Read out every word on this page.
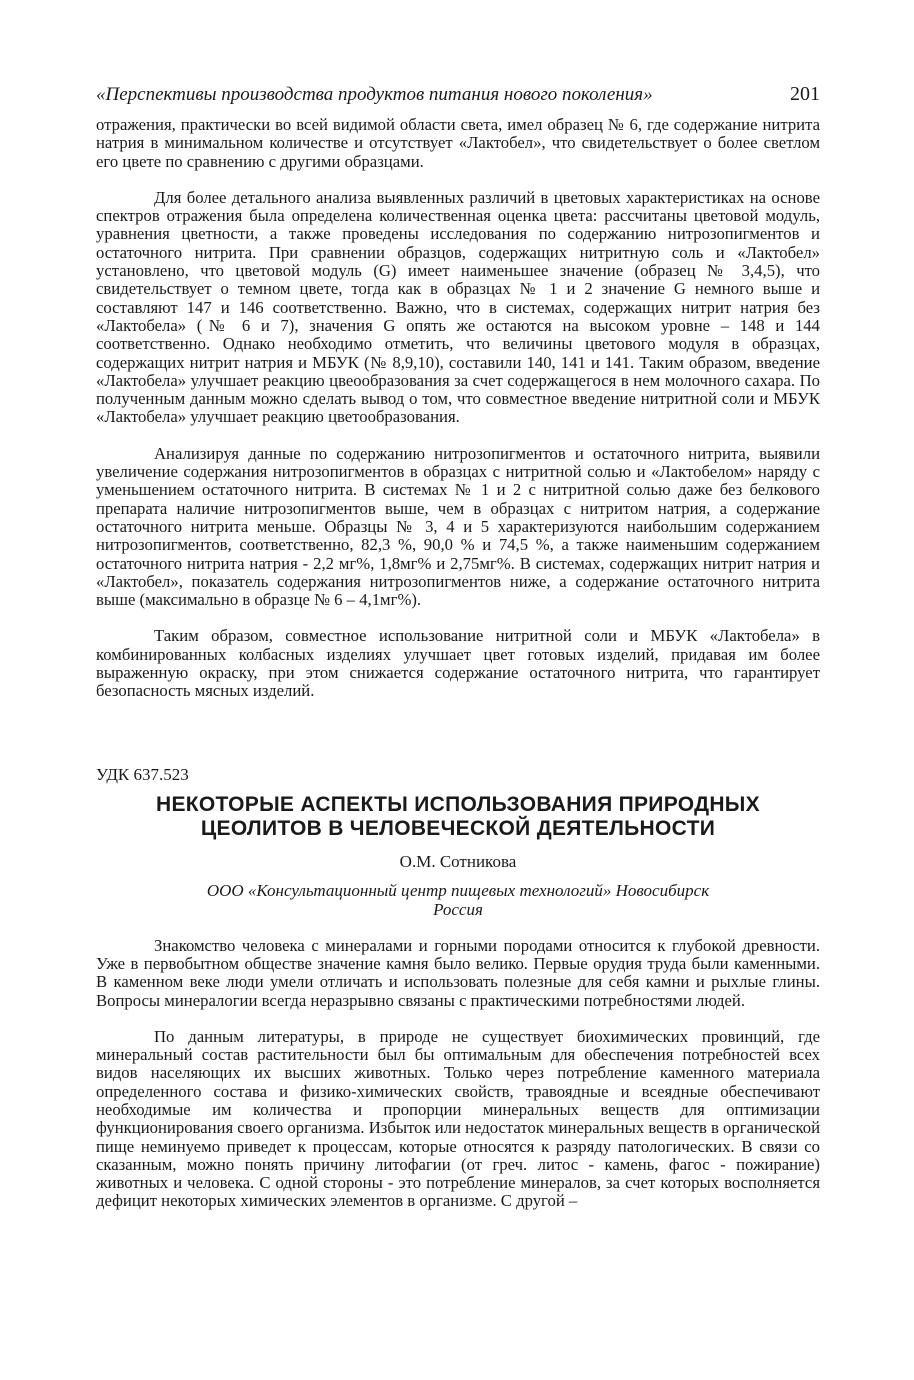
«Перспективы производства продуктов питания нового поколения»	201

отражения, практически во всей видимой области света, имел образец № 6, где содержание нитрита натрия в минимальном количестве и отсутствует «Лактобел», что свидетельствует о более светлом его цвете по сравнению с другими образцами.

Для более детального анализа выявленных различий в цветовых характеристиках на основе спектров отражения была определена количественная оценка цвета: рассчитаны цветовой модуль, уравнения цветности, а также проведены исследования по содержанию нитрозопигментов и остаточного нитрита. При сравнении образцов, содержащих нитритную соль и «Лактобел» установлено, что цветовой модуль (G) имеет наименьшее значение (образец № 3,4,5), что свидетельствует о темном цвете, тогда как в образцах № 1 и 2 значение G немного выше и составляют 147 и 146 соответственно. Важно, что в системах, содержащих нитрит натрия без «Лактобела» (№ 6 и 7), значения G опять же остаются на высоком уровне – 148 и 144 соответственно. Однако необходимо отметить, что величины цветового модуля в образцах, содержащих нитрит натрия и МБУК (№ 8,9,10), составили 140, 141 и 141. Таким образом, введение «Лактобела» улучшает реакцию цвеообразования за счет содержащегося в нем молочного сахара. По полученным данным можно сделать вывод о том, что совместное введение нитритной соли и МБУК «Лактобела» улучшает реакцию цветообразования.

Анализируя данные по содержанию нитрозопигментов и остаточного нитрита, выявили увеличение содержания нитрозопигментов в образцах с нитритной солью и «Лактобелом» наряду с уменьшением остаточного нитрита. В системах № 1 и 2 с нитритной солью даже без белкового препарата наличие нитрозопигментов выше, чем в образцах с нитритом натрия, а содержание остаточного нитрита меньше. Образцы № 3, 4 и 5 характеризуются наибольшим содержанием нитрозопигментов, соответственно, 82,3 %, 90,0 % и 74,5 %, а также наименьшим содержанием остаточного нитрита натрия - 2,2 мг%, 1,8мг% и 2,75мг%. В системах, содержащих нитрит натрия и «Лактобел», показатель содержания нитрозопигментов ниже, а содержание остаточного нитрита выше (максимально в образце № 6 – 4,1мг%).

Таким образом, совместное использование нитритной соли и МБУК «Лактобела» в комбинированных колбасных изделиях улучшает цвет готовых изделий, придавая им более выраженную окраску, при этом снижается содержание остаточного нитрита, что гарантирует безопасность мясных изделий.

УДК 637.523

НЕКОТОРЫЕ АСПЕКТЫ ИСПОЛЬЗОВАНИЯ ПРИРОДНЫХ
ЦЕОЛИТОВ В ЧЕЛОВЕЧЕСКОЙ ДЕЯТЕЛЬНОСТИ

О.М. Сотникова

ООО «Консультационный центр пищевых технологий» Новосибирск
Россия

Знакомство человека с минералами и горными породами относится к глубокой древности. Уже в первобытном обществе значение камня было велико. Первые орудия труда были каменными. В каменном веке люди умели отличать и использовать полезные для себя камни и рыхлые глины. Вопросы минералогии всегда неразрывно связаны с практическими потребностями людей.

По данным литературы, в природе не существует биохимических провинций, где минеральный состав растительности был бы оптимальным для обеспечения потребностей всех видов населяющих их высших животных. Только через потребление каменного материала определенного состава и физико-химических свойств, травоядные и всеядные обеспечивают необходимые им количества и пропорции минеральных веществ для оптимизации функционирования своего организма. Избыток или недостаток минеральных веществ в органической пище неминуемо приведет к процессам, которые относятся к разряду патологических. В связи со сказанным, можно понять причину литофагии (от греч. литос - камень, фагос - пожирание) животных и человека. С одной стороны - это потребление минералов, за счет которых восполняется дефицит некоторых химических элементов в организме. С другой –
